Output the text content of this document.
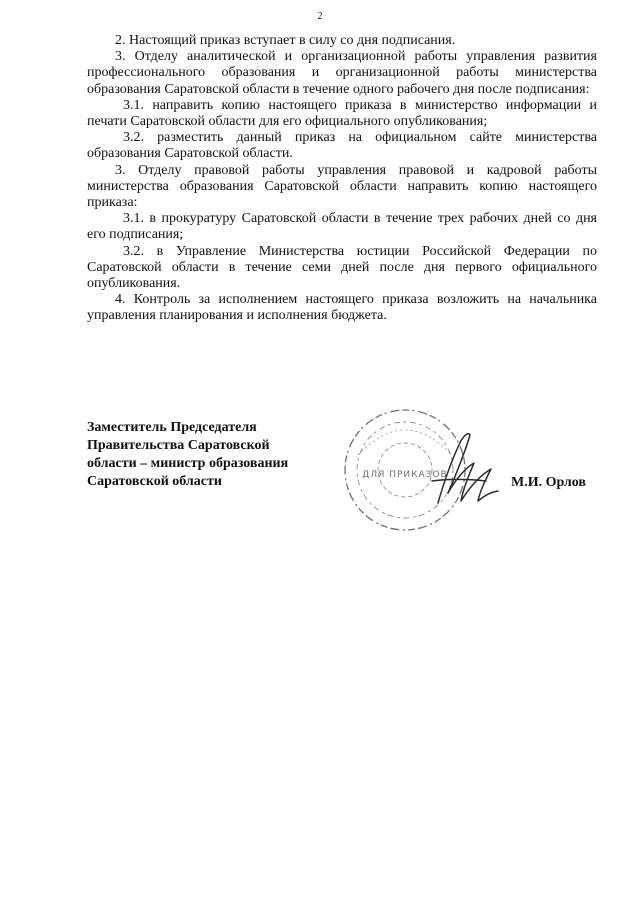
2

2. Настоящий приказ вступает в силу со дня подписания.

3. Отделу аналитической и организационной работы управления развития профессионального образования и организационной работы министерства образования Саратовской области в течение одного рабочего дня после подписания:

3.1. направить копию настоящего приказа в министерство информации и печати Саратовской области для его официального опубликования;

3.2. разместить данный приказ на официальном сайте министерства образования Саратовской области.

3. Отделу правовой работы управления правовой и кадровой работы министерства образования Саратовской области направить копию настоящего приказа:

3.1. в прокуратуру Саратовской области в течение трех рабочих дней со дня его подписания;

3.2. в Управление Министерства юстиции Российской Федерации по Саратовской области в течение семи дней после дня первого официального опубликования.

4. Контроль за исполнением настоящего приказа возложить на начальника управления планирования и исполнения бюджета.

Заместитель Председателя
Правительства Саратовской
области – министр образования
Саратовской области	ДЛЯ ПРИКАЗОВ	М.И. Орлов
